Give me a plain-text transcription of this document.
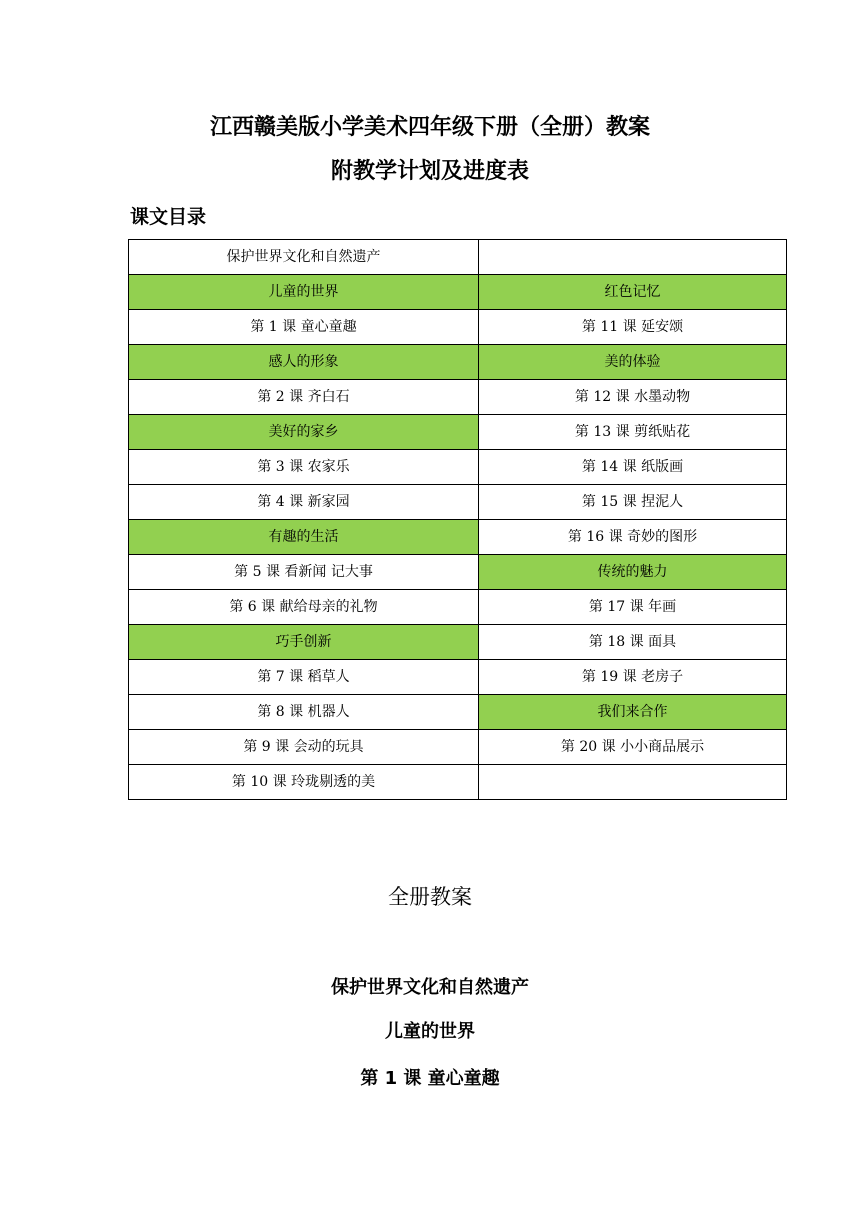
江西赣美版小学美术四年级下册（全册）教案
附教学计划及进度表
课文目录
保护世界文化和自然遗产	
儿童的世界	红色记忆
第 1 课 童心童趣	第 11 课 延安颂
感人的形象	美的体验
第 2 课 齐白石	第 12 课 水墨动物
美好的家乡	第 13 课 剪纸贴花
第 3 课 农家乐	第 14 课 纸版画
第 4 课 新家园	第 15 课 捏泥人
有趣的生活	第 16 课 奇妙的图形
第 5 课 看新闻 记大事	传统的魅力
第 6 课 献给母亲的礼物	第 17 课 年画
巧手创新	第 18 课 面具
第 7 课 稻草人	第 19 课 老房子
第 8 课 机器人	我们来合作
第 9 课 会动的玩具	第 20 课 小小商品展示
第 10 课 玲珑剔透的美	
全册教案
保护世界文化和自然遗产
儿童的世界
第 1 课 童心童趣
